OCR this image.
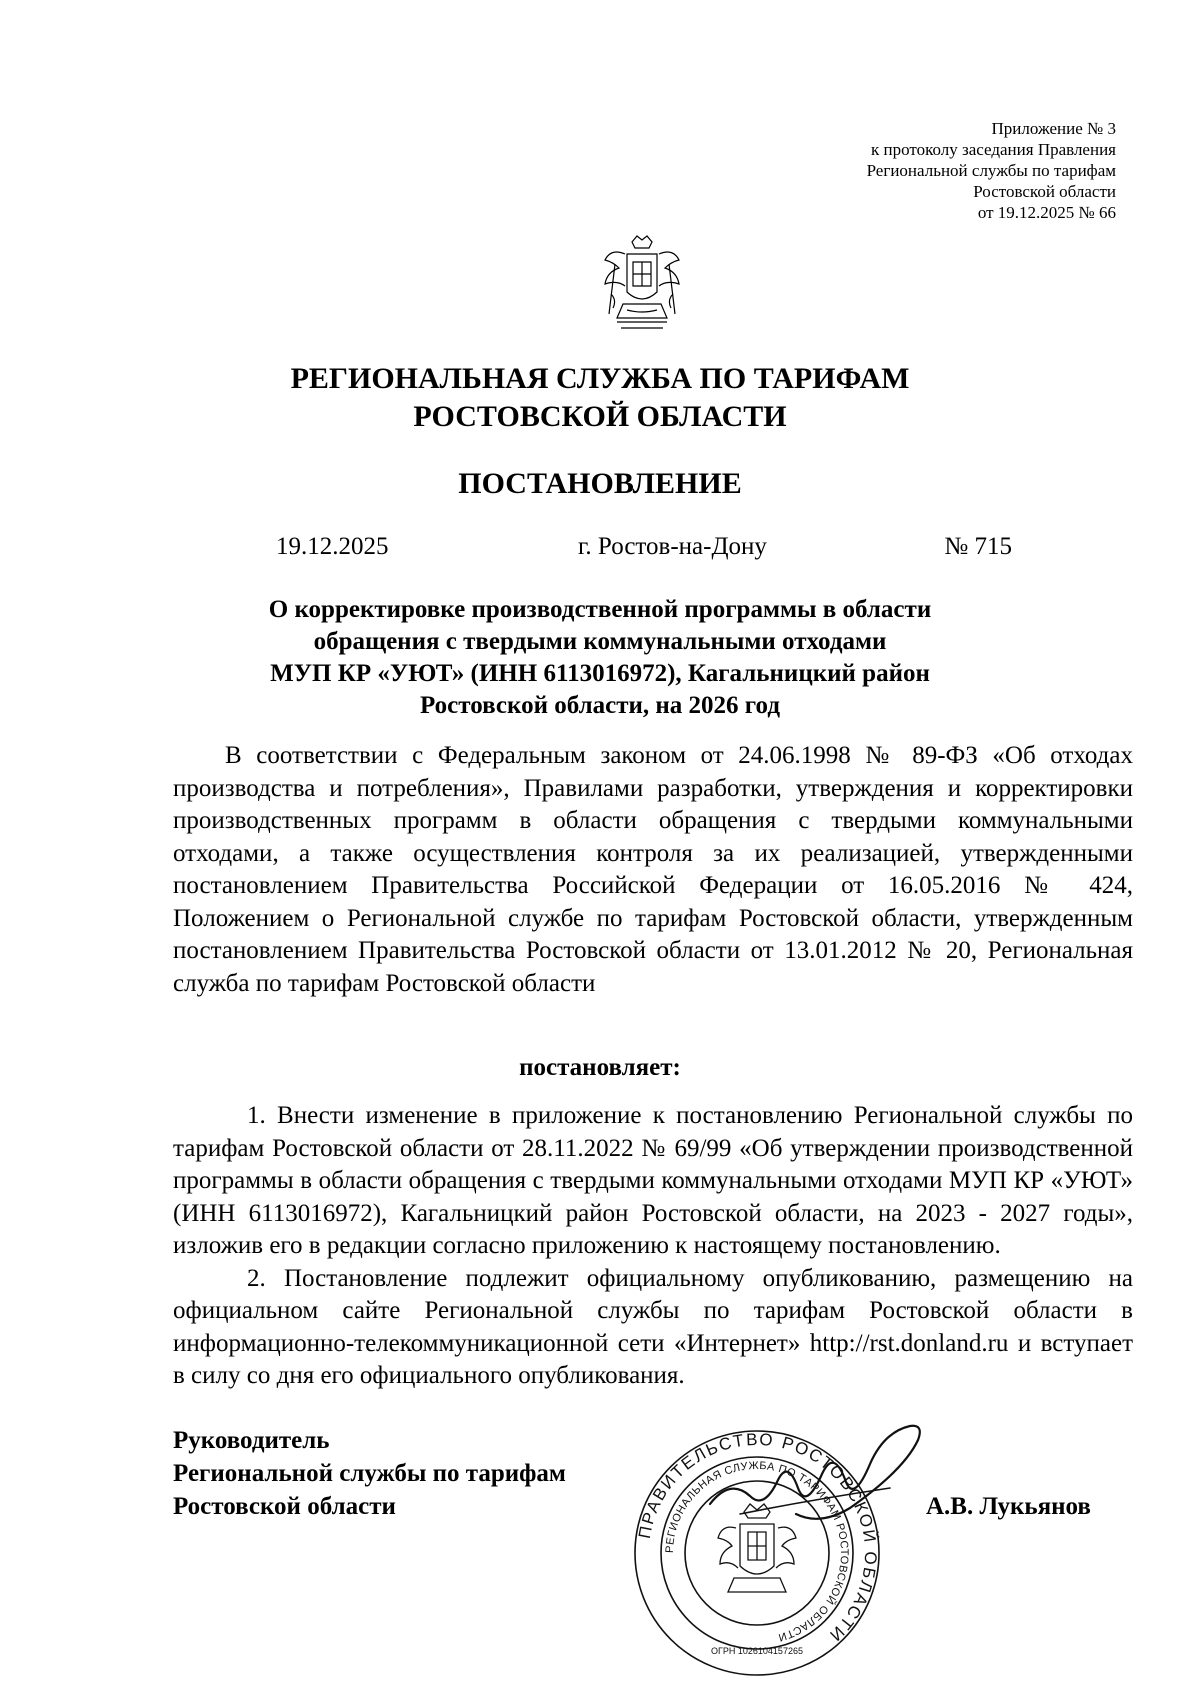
Приложение № 3
к протоколу заседания Правления
Региональной службы по тарифам
Ростовской области
от 19.12.2025 № 66
РЕГИОНАЛЬНАЯ СЛУЖБА ПО ТАРИФАМ
РОСТОВСКОЙ ОБЛАСТИ
ПОСТАНОВЛЕНИЕ
19.12.2025	г. Ростов-на-Дону	№ 715
О корректировке производственной программы в области
обращения с твердыми коммунальными отходами
МУП КР «УЮТ» (ИНН 6113016972), Кагальницкий район
Ростовской области, на 2026 год

В соответствии с Федеральным законом от 24.06.1998 № 89-ФЗ «Об отходах производства и потребления», Правилами разработки, утверждения и корректировки производственных программ в области обращения с твердыми коммунальными отходами, а также осуществления контроля за их реализацией, утвержденными постановлением Правительства Российской Федерации от 16.05.2016 № 424, Положением о Региональной службе по тарифам Ростовской области, утвержденным постановлением Правительства Ростовской области от 13.01.2012 № 20, Региональная служба по тарифам Ростовской области

постановляет:

1. Внести изменение в приложение к постановлению Региональной службы по тарифам Ростовской области от 28.11.2022 № 69/99 «Об утверждении производственной программы в области обращения с твердыми коммунальными отходами МУП КР «УЮТ» (ИНН 6113016972), Кагальницкий район Ростовской области, на 2023 - 2027 годы», изложив его в редакции согласно приложению к настоящему постановлению.

2. Постановление подлежит официальному опубликованию, размещению на официальном сайте Региональной службы по тарифам Ростовской области в информационно-телекоммуникационной сети «Интернет» http://rst.donland.ru и вступает в силу со дня его официального опубликования.

Руководитель
Региональной службы по тарифам
Ростовской области
ПРАВИТЕЛЬСТВО РОСТОВСКОЙ ОБЛАСТИ
РЕГИОНАЛЬНАЯ СЛУЖБА ПО ТАРИФАМ РОСТОВСКОЙ ОБЛАСТИ
ОГРН 1026104157265
А.В. Лукьянов
